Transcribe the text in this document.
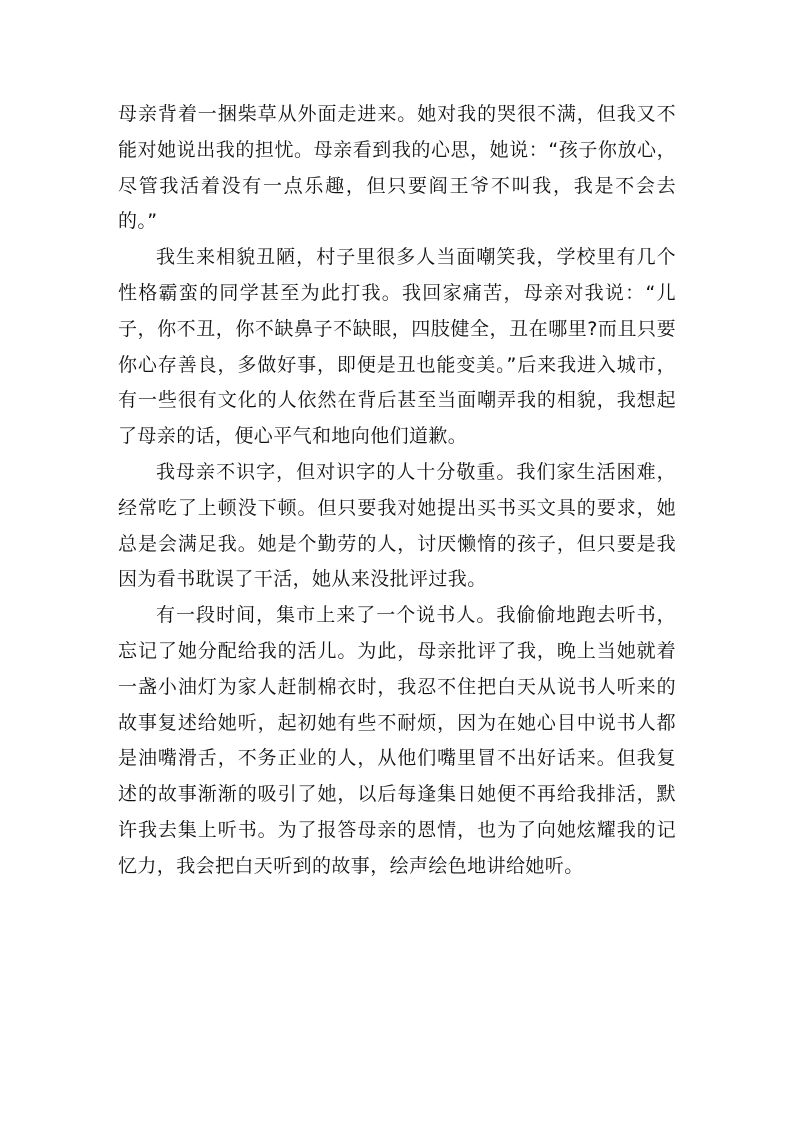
母亲背着一捆柴草从外面走进来。她对我的哭很不满，但我又不能对她说出我的担忧。母亲看到我的心思，她说：“孩子你放心，尽管我活着没有一点乐趣，但只要阎王爷不叫我，我是不会去的。”

我生来相貌丑陋，村子里很多人当面嘲笑我，学校里有几个性格霸蛮的同学甚至为此打我。我回家痛苦，母亲对我说：“儿子，你不丑，你不缺鼻子不缺眼，四肢健全，丑在哪里?而且只要你心存善良，多做好事，即便是丑也能变美。”后来我进入城市，有一些很有文化的人依然在背后甚至当面嘲弄我的相貌，我想起了母亲的话，便心平气和地向他们道歉。

我母亲不识字，但对识字的人十分敬重。我们家生活困难，经常吃了上顿没下顿。但只要我对她提出买书买文具的要求，她总是会满足我。她是个勤劳的人，讨厌懒惰的孩子，但只要是我因为看书耽误了干活，她从来没批评过我。

有一段时间，集市上来了一个说书人。我偷偷地跑去听书，忘记了她分配给我的活儿。为此，母亲批评了我，晚上当她就着一盏小油灯为家人赶制棉衣时，我忍不住把白天从说书人听来的故事复述给她听，起初她有些不耐烦，因为在她心目中说书人都是油嘴滑舌，不务正业的人，从他们嘴里冒不出好话来。但我复述的故事渐渐的吸引了她，以后每逢集日她便不再给我排活，默许我去集上听书。为了报答母亲的恩情，也为了向她炫耀我的记忆力，我会把白天听到的故事，绘声绘色地讲给她听。
